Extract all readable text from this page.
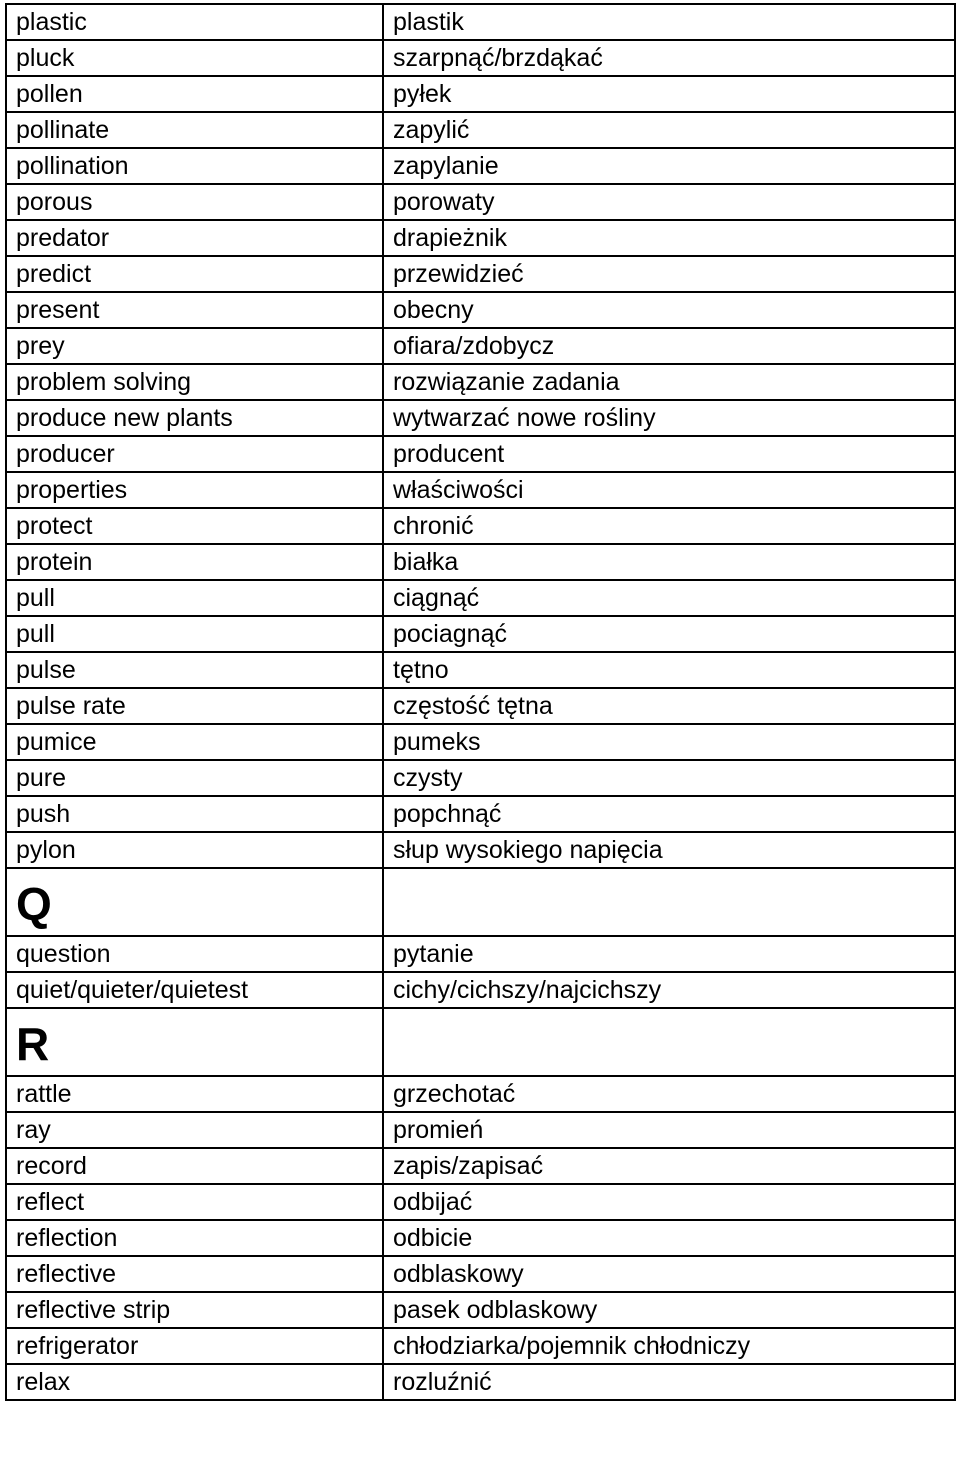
plastic	plastik
pluck	szarpnąć/brzdąkać
pollen	pyłek
pollinate	zapylić
pollination	zapylanie
porous	porowaty
predator	drapieżnik
predict	przewidzieć
present	obecny
prey	ofiara/zdobycz
problem solving	rozwiązanie zadania
produce new plants	wytwarzać nowe rośliny
producer	producent
properties	właściwości
protect	chronić
protein	białka
pull	ciągnąć
pull	pociagnąć
pulse	tętno
pulse rate	częstość tętna
pumice	pumeks
pure	czysty
push	popchnąć
pylon	słup wysokiego napięcia

Q	

question	pytanie
quiet/quieter/quietest	cichy/cichszy/najcichszy

R	

rattle	grzechotać
ray	promień
record	zapis/zapisać
reflect	odbijać
reflection	odbicie
reflective	odblaskowy
reflective strip	pasek odblaskowy
refrigerator	chłodziarka/pojemnik chłodniczy
relax	rozluźnić
